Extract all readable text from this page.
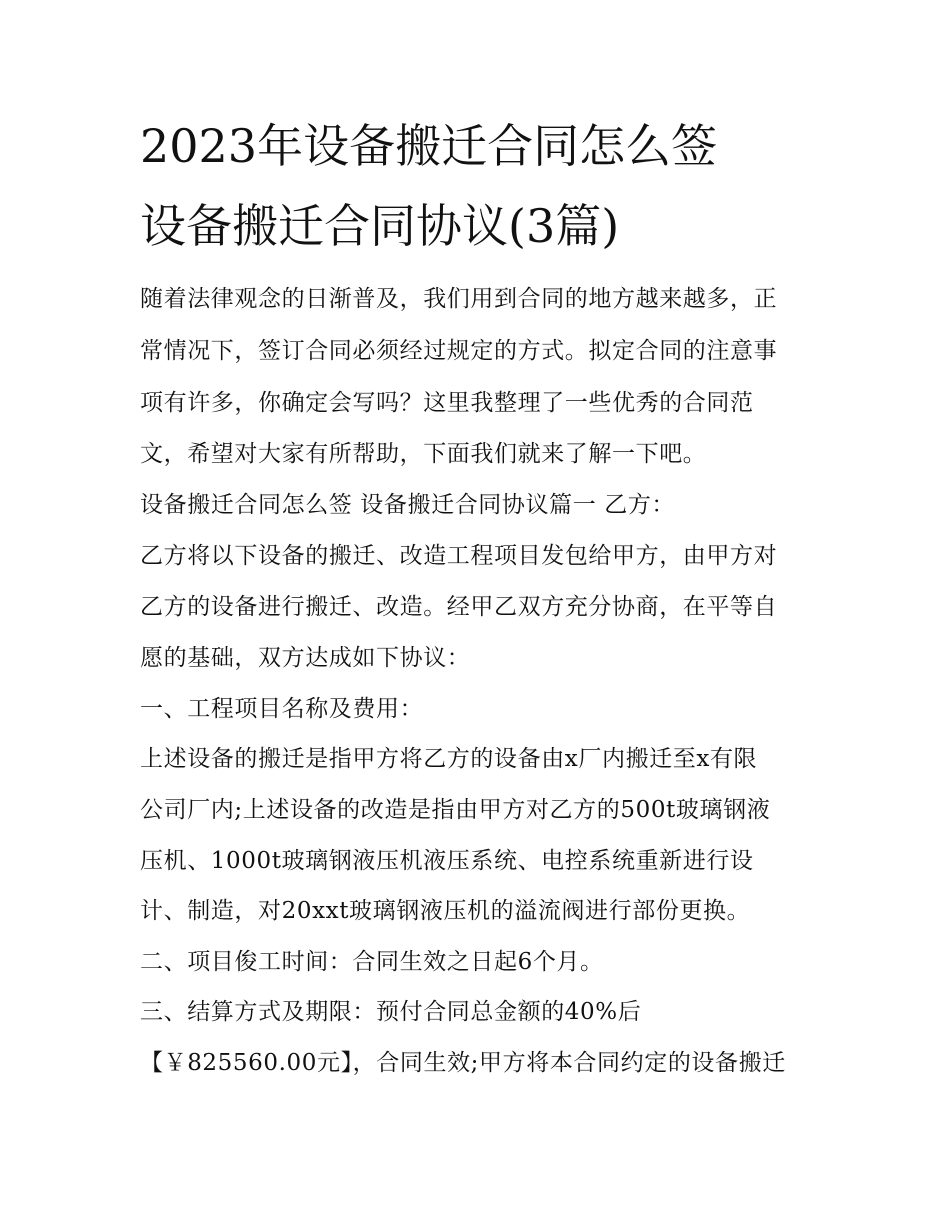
2023年设备搬迁合同怎么签
设备搬迁合同协议(3篇)
随着法律观念的日渐普及，我们用到合同的地方越来越多，正
常情况下，签订合同必须经过规定的方式。拟定合同的注意事
项有许多，你确定会写吗？这里我整理了一些优秀的合同范
文，希望对大家有所帮助，下面我们就来了解一下吧。
设备搬迁合同怎么签 设备搬迁合同协议篇一 乙方：
乙方将以下设备的搬迁、改造工程项目发包给甲方，由甲方对
乙方的设备进行搬迁、改造。经甲乙双方充分协商，在平等自
愿的基础，双方达成如下协议：
一、工程项目名称及费用：
上述设备的搬迁是指甲方将乙方的设备由x厂内搬迁至x有限
公司厂内;上述设备的改造是指由甲方对乙方的500t玻璃钢液
压机、1000t玻璃钢液压机液压系统、电控系统重新进行设
计、制造，对20xxt玻璃钢液压机的溢流阀进行部份更换。
二、项目俊工时间：合同生效之日起6个月。
三、结算方式及期限：预付合同总金额的40%后
【￥825560.00元】，合同生效;甲方将本合同约定的设备搬迁
